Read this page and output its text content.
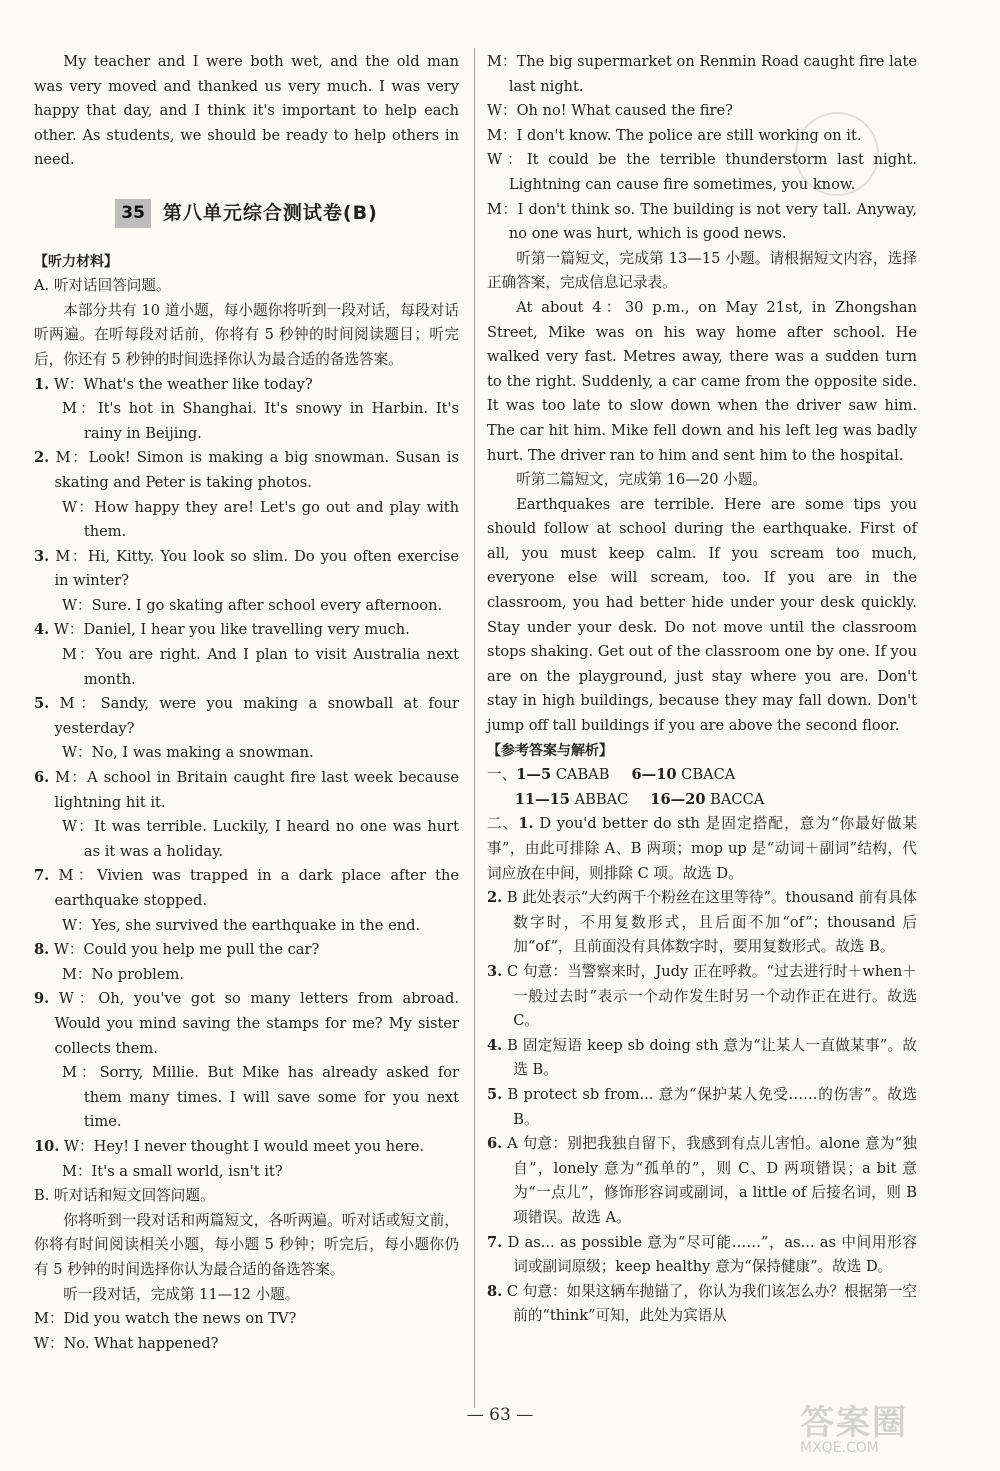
My teacher and I were both wet, and the old man was very moved and thanked us very much. I was very happy that day, and I think it's important to help each other. As students, we should be ready to help others in need.

35 第八单元综合测试卷(B)

【听力材料】

A. 听对话回答问题。

本部分共有 10 道小题，每小题你将听到一段对话，每段对话听两遍。在听每段对话前，你将有 5 秒钟的时间阅读题目；听完后，你还有 5 秒钟的时间选择你认为最合适的备选答案。

1. W：What's the weather like today?

M：It's hot in Shanghai. It's snowy in Harbin. It's rainy in Beijing.

2. M：Look! Simon is making a big snowman. Susan is skating and Peter is taking photos.

W：How happy they are! Let's go out and play with them.

3. M：Hi, Kitty. You look so slim. Do you often exercise in winter?

W：Sure. I go skating after school every afternoon.

4. W：Daniel, I hear you like travelling very much.

M：You are right. And I plan to visit Australia next month.

5. M：Sandy, were you making a snowball at four yesterday?

W：No, I was making a snowman.

6. M：A school in Britain caught fire last week because lightning hit it.

W：It was terrible. Luckily, I heard no one was hurt as it was a holiday.

7. M：Vivien was trapped in a dark place after the earthquake stopped.

W：Yes, she survived the earthquake in the end.

8. W：Could you help me pull the car?

M：No problem.

9. W：Oh, you've got so many letters from abroad. Would you mind saving the stamps for me? My sister collects them.

M：Sorry, Millie. But Mike has already asked for them many times. I will save some for you next time.

10. W：Hey! I never thought I would meet you here.

M：It's a small world, isn't it?

B. 听对话和短文回答问题。

你将听到一段对话和两篇短文，各听两遍。听对话或短文前，你将有时间阅读相关小题，每小题 5 秒钟；听完后，每小题你仍有 5 秒钟的时间选择你认为最合适的备选答案。

听一段对话，完成第 11—12 小题。

M：Did you watch the news on TV?

W：No. What happened?

M：The big supermarket on Renmin Road caught fire late last night.

W：Oh no! What caused the fire?

M：I don't know. The police are still working on it.

W：It could be the terrible thunderstorm last night. Lightning can cause fire sometimes, you know.

M：I don't think so. The building is not very tall. Anyway, no one was hurt, which is good news.

听第一篇短文，完成第 13—15 小题。请根据短文内容，选择正确答案，完成信息记录表。

At about 4：30 p.m., on May 21st, in Zhongshan Street, Mike was on his way home after school. He walked very fast. Metres away, there was a sudden turn to the right. Suddenly, a car came from the opposite side. It was too late to slow down when the driver saw him. The car hit him. Mike fell down and his left leg was badly hurt. The driver ran to him and sent him to the hospital.

听第二篇短文，完成第 16—20 小题。

Earthquakes are terrible. Here are some tips you should follow at school during the earthquake. First of all, you must keep calm. If you scream too much, everyone else will scream, too. If you are in the classroom, you had better hide under your desk quickly. Stay under your desk. Do not move until the classroom stops shaking. Get out of the classroom one by one. If you are on the playground, just stay where you are. Don't stay in high buildings, because they may fall down. Don't jump off tall buildings if you are above the second floor.

【参考答案与解析】

一、1—5 CABAB 6—10 CBACA

11—15 ABBAC 16—20 BACCA

二、1. D you'd better do sth 是固定搭配，意为“你最好做某事”，由此可排除 A、B 两项；mop up 是“动词＋副词”结构，代词应放在中间，则排除 C 项。故选 D。

2. B 此处表示“大约两千个粉丝在这里等待”。thousand 前有具体数字时，不用复数形式，且后面不加“of”；thousand 后加“of”，且前面没有具体数字时，要用复数形式。故选 B。

3. C 句意：当警察来时，Judy 正在呼救。“过去进行时＋when＋一般过去时”表示一个动作发生时另一个动作正在进行。故选 C。

4. B 固定短语 keep sb doing sth 意为“让某人一直做某事”。故选 B。

5. B protect sb from... 意为“保护某人免受……的伤害”。故选 B。

6. A 句意：别把我独自留下，我感到有点儿害怕。alone 意为“独自”，lonely 意为“孤单的”，则 C、D 两项错误；a bit 意为“一点儿”，修饰形容词或副词，a little of 后接名词，则 B 项错误。故选 A。

7. D as... as possible 意为“尽可能……”，as... as 中间用形容词或副词原级；keep healthy 意为“保持健康”。故选 D。

8. C 句意：如果这辆车抛锚了，你认为我们该怎么办？根据第一空前的“think”可知，此处为宾语从

— 63 —	答案圈
MXQE.COM
